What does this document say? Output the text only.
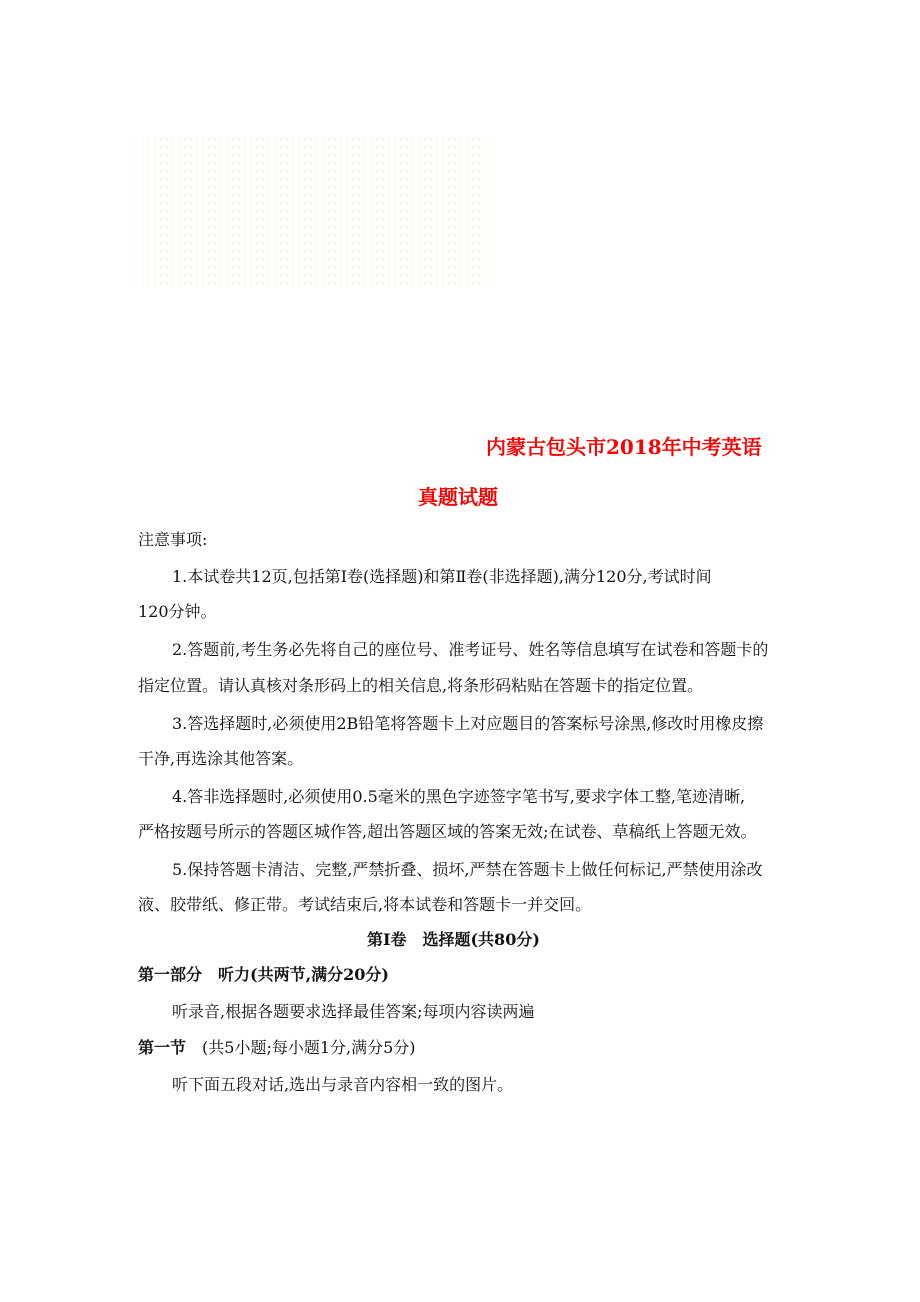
内蒙古包头市2018年中考英语
真题试题
注意事项:
1.本试卷共12页,包括第Ⅰ卷(选择题)和第Ⅱ卷(非选择题),满分120分,考试时间
120分钟。
2.答题前,考生务必先将自己的座位号、准考证号、姓名等信息填写在试卷和答题卡的
指定位置。请认真核对条形码上的相关信息,将条形码粘贴在答题卡的指定位置。
3.答选择题时,必须使用2B铅笔将答题卡上对应题目的答案标号涂黑,修改时用橡皮擦
干净,再选涂其他答案。
4.答非选择题时,必须使用0.5毫米的黑色字迹签字笔书写,要求字体工整,笔迹清晰,
严格按题号所示的答题区城作答,超出答题区域的答案无效;在试卷、草稿纸上答题无效。
5.保持答题卡清洁、完整,严禁折叠、损坏,严禁在答题卡上做任何标记,严禁使用涂改
液、胶带纸、修正带。考试结束后,将本试卷和答题卡一并交回。
第Ⅰ卷　选择题(共80分)
第一部分　听力(共两节,满分20分)
听录音,根据各题要求选择最佳答案;每项内容读两遍
第一节　 (共5小题;每小题1分,满分5分)
听下面五段对话,选出与录音内容相一致的图片。
